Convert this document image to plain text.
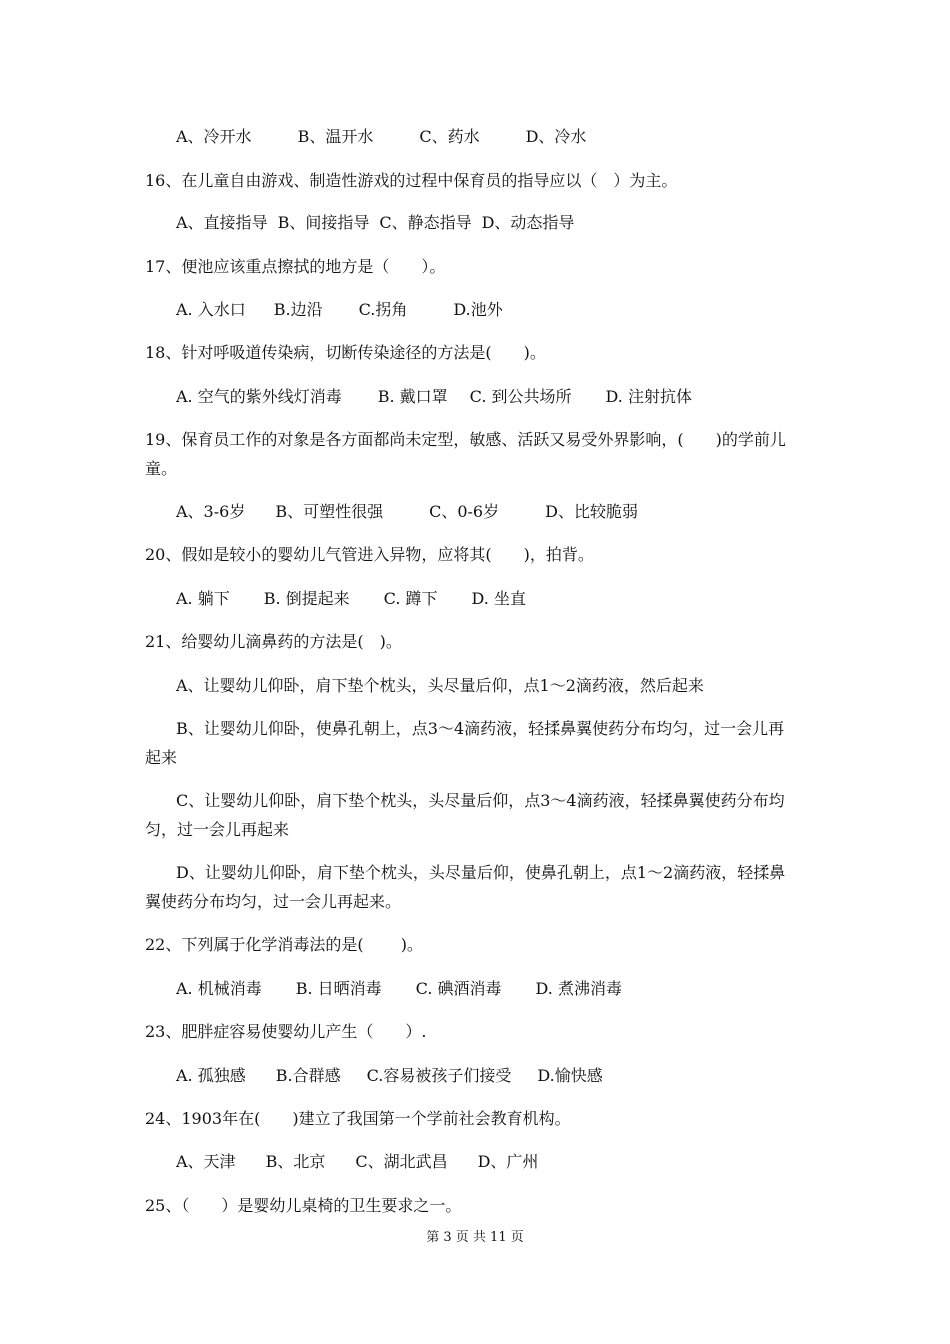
A、冷开水	B、温开水	C、药水	D、冷水
16、在儿童自由游戏、制造性游戏的过程中保育员的指导应以（　）为主。
A、直接指导 B、间接指导 C、静态指导 D、动态指导
17、便池应该重点擦拭的地方是（　　）。
A. 入水口 B.边沿 C.拐角	D.池外
18、针对呼吸道传染病，切断传染途径的方法是(　　)。
A. 空气的紫外线灯消毒 B. 戴口罩 C. 到公共场所 D. 注射抗体
19、保育员工作的对象是各方面都尚未定型，敏感、活跃又易受外界影响，(　　)的学前儿
童。
A、3-6岁 B、可塑性很强	C、0-6岁	D、比较脆弱
20、假如是较小的婴幼儿气管进入异物，应将其(　　)，拍背。
A. 躺下 B. 倒提起来 C. 蹲下 D. 坐直
21、给婴幼儿滴鼻药的方法是(　)。
A、让婴幼儿仰卧，肩下垫个枕头，头尽量后仰，点1～2滴药液，然后起来
B、让婴幼儿仰卧，使鼻孔朝上，点3～4滴药液，轻揉鼻翼使药分布均匀，过一会儿再
起来
C、让婴幼儿仰卧，肩下垫个枕头，头尽量后仰，点3～4滴药液，轻揉鼻翼使药分布均
匀，过一会儿再起来
D、让婴幼儿仰卧，肩下垫个枕头，头尽量后仰，使鼻孔朝上，点1～2滴药液，轻揉鼻
翼使药分布均匀，过一会儿再起来。
22、下列属于化学消毒法的是(　　 )。
A. 机械消毒 B. 日晒消毒 C. 碘酒消毒 D. 煮沸消毒
23、肥胖症容易使婴幼儿产生（　　）.
A. 孤独感 B.合群感 C.容易被孩子们接受 D.愉快感
24、1903年在(　　)建立了我国第一个学前社会教育机构。
A、天津 B、北京 C、湖北武昌 D、广州
25、（　　）是婴幼儿桌椅的卫生要求之一。
第 3 页 共 11 页
